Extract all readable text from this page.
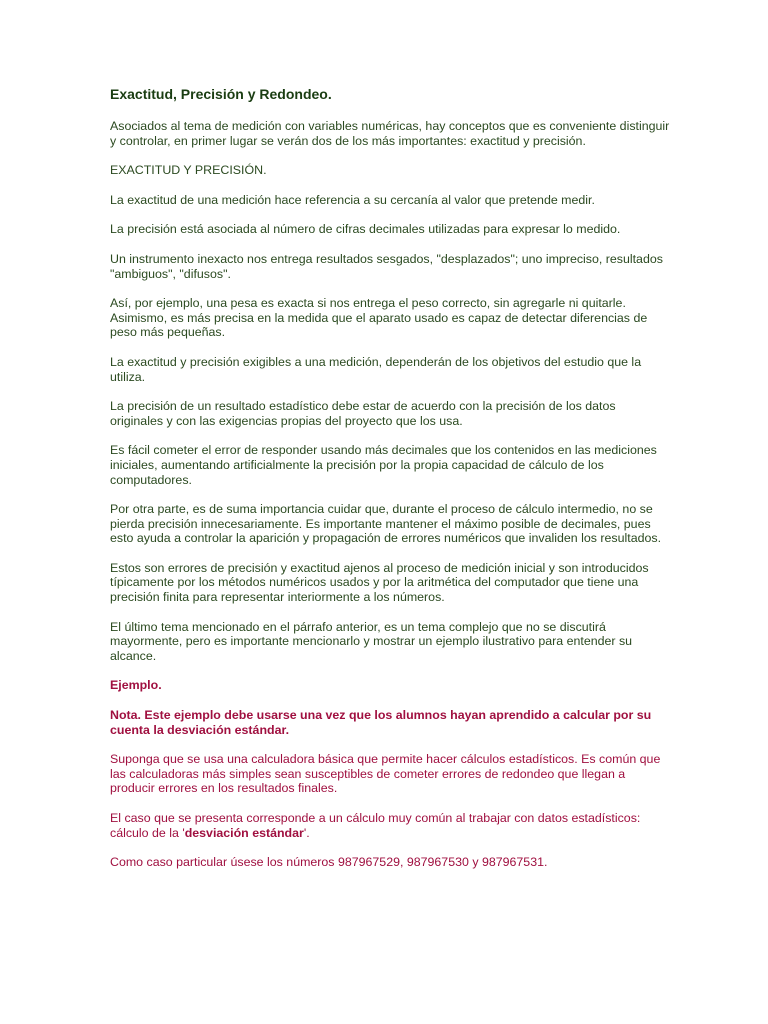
Exactitud, Precisión y Redondeo.

Asociados al tema de medición con variables numéricas, hay conceptos que es conveniente distinguir y controlar, en primer lugar se verán dos de los más importantes: exactitud y precisión.

EXACTITUD Y PRECISIÓN.

La exactitud de una medición hace referencia a su cercanía al valor que pretende medir.

La precisión está asociada al número de cifras decimales utilizadas para expresar lo medido.

Un instrumento inexacto nos entrega resultados sesgados, "desplazados"; uno impreciso, resultados "ambiguos", "difusos".

Así, por ejemplo, una pesa es exacta si nos entrega el peso correcto, sin agregarle ni quitarle. Asimismo, es más precisa en la medida que el aparato usado es capaz de detectar diferencias de peso más pequeñas.

La exactitud y precisión exigibles a una medición, dependerán de los objetivos del estudio que la utiliza.

La precisión de un resultado estadístico debe estar de acuerdo con la precisión de los datos originales y con las exigencias propias del proyecto que los usa.

Es fácil cometer el error de responder usando más decimales que los contenidos en las mediciones iniciales, aumentando artificialmente la precisión por la propia capacidad de cálculo de los computadores.

Por otra parte, es de suma importancia cuidar que, durante el proceso de cálculo intermedio, no se pierda precisión innecesariamente. Es importante mantener el máximo posible de decimales, pues esto ayuda a controlar la aparición y propagación de errores numéricos que invaliden los resultados.

Estos son errores de precisión y exactitud ajenos al proceso de medición inicial y son introducidos típicamente por los métodos numéricos usados y por la aritmética del computador que tiene una precisión finita para representar interiormente a los números.

El último tema mencionado en el párrafo anterior, es un tema complejo que no se discutirá mayormente, pero es importante mencionarlo y mostrar un ejemplo ilustrativo para entender su alcance.

Ejemplo.

Nota. Este ejemplo debe usarse una vez que los alumnos hayan aprendido a calcular por su cuenta la desviación estándar.

Suponga que se usa una calculadora básica que permite hacer cálculos estadísticos. Es común que las calculadoras más simples sean susceptibles de cometer errores de redondeo que llegan a producir errores en los resultados finales.

El caso que se presenta corresponde a un cálculo muy común al trabajar con datos estadísticos: cálculo de la 'desviación estándar'.

Como caso particular úsese los números 987967529, 987967530 y 987967531.
